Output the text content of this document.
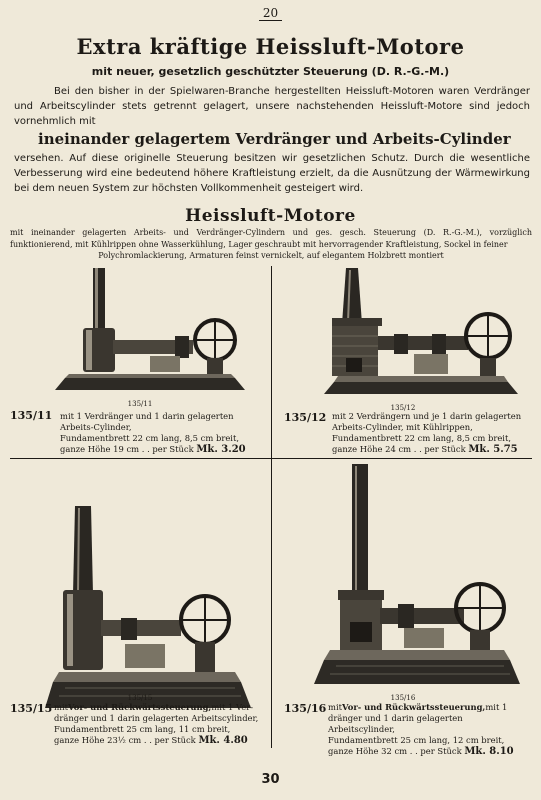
20
Extra kräftige Heissluft-Motore
mit neuer, gesetzlich geschützter Steuerung (D. R.-G.-M.)
Bei den bisher in der Spielwaren-Branche hergestellten Heissluft-Motoren waren Verdränger und Arbeitscylinder stets getrennt gelagert, unsere nachstehenden Heissluft-Motore sind jedoch vornehmlich mit
ineinander gelagertem Verdränger und Arbeits-Cylinder
versehen. Auf diese originelle Steuerung besitzen wir gesetzlichen Schutz. Durch die wesentliche Verbesserung wird eine bedeutend höhere Kraftleistung erzielt, da die Ausnützung der Wärmewirkung bei dem neuen System zur höchsten Vollkommenheit gesteigert wird.
Heissluft-Motore
mit ineinander gelagerten Arbeits- und Verdränger-Cylindern und ges. gesch. Steuerung (D. R.-G.-M.), vorzüglich funktionierend, mit Kühlrippen ohne Wasserkühlung, Lager geschraubt mit hervorragender Kraftleistung, Sockel in feiner
Polychromlackierung, Armaturen feinst vernickelt, auf elegantem Holzbrett montiert
135/11
135/11 mit 1 Verdränger und 1 darin gelagerten
Arbeits-Cylinder,
Fundamentbrett 22 cm lang, 8,5 cm breit,
ganze Höhe 19 cm . . per Stück Mk. 3.20
135/12
135/12 mit 2 Verdrängern und je 1 darin gelagerten
Arbeits-Cylinder, mit Kühlrippen,
Fundamentbrett 22 cm lang, 8,5 cm breit,
ganze Höhe 24 cm . . per Stück Mk. 5.75
135/15
135/15 mitVor- und Rückwärtssteuerung,mit 1 Ver-
dränger und 1 darin gelagerten Arbeitscylinder,
Fundamentbrett 25 cm lang, 11 cm breit,
ganze Höhe 23½ cm . . per Stück Mk. 4.80
135/16
135/16 mitVor- und Rückwärtssteuerung,mit 1
dränger und 1 darin gelagerten Arbeitscylinder,
Fundamentbrett 25 cm lang, 12 cm breit,
ganze Höhe 32 cm . . per Stück Mk. 8.10
30
